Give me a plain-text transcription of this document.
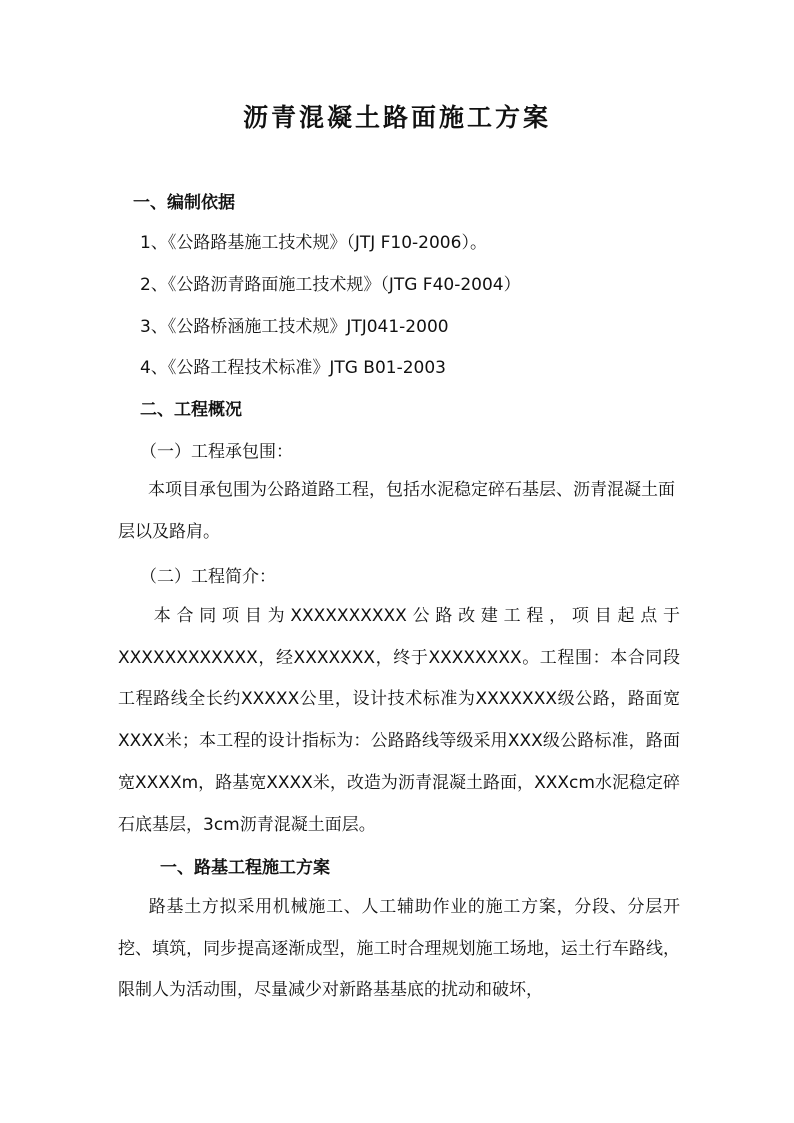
沥青混凝土路面施工方案
一、编制依据
1、《公路路基施工技术规》（JTJ F10-2006）。
2、《公路沥青路面施工技术规》（JTG F40-2004）
3、《公路桥涵施工技术规》JTJ041-2000
4、《公路工程技术标准》JTG B01-2003
二、工程概况
（一）工程承包围：
本项目承包围为公路道路工程，包括水泥稳定碎石基层、沥青混凝土面层以及路肩。
（二）工程简介：
本合同项目为XXXXXXXXXX公路改建工程，项目起点于XXXXXXXXXXXX，经XXXXXXX，终于XXXXXXXX。工程围：本合同段工程路线全长约XXXXX公里，设计技术标准为XXXXXXX级公路，路面宽XXXX米；本工程的设计指标为：公路路线等级采用XXX级公路标准，路面宽XXXXm，路基宽XXXX米，改造为沥青混凝土路面，XXXcm水泥稳定碎石底基层，3cm沥青混凝土面层。
一、路基工程施工方案
路基土方拟采用机械施工、人工辅助作业的施工方案，分段、分层开挖、填筑，同步提高逐渐成型，施工时合理规划施工场地，运土行车路线，限制人为活动围，尽量减少对新路基基底的扰动和破坏，
